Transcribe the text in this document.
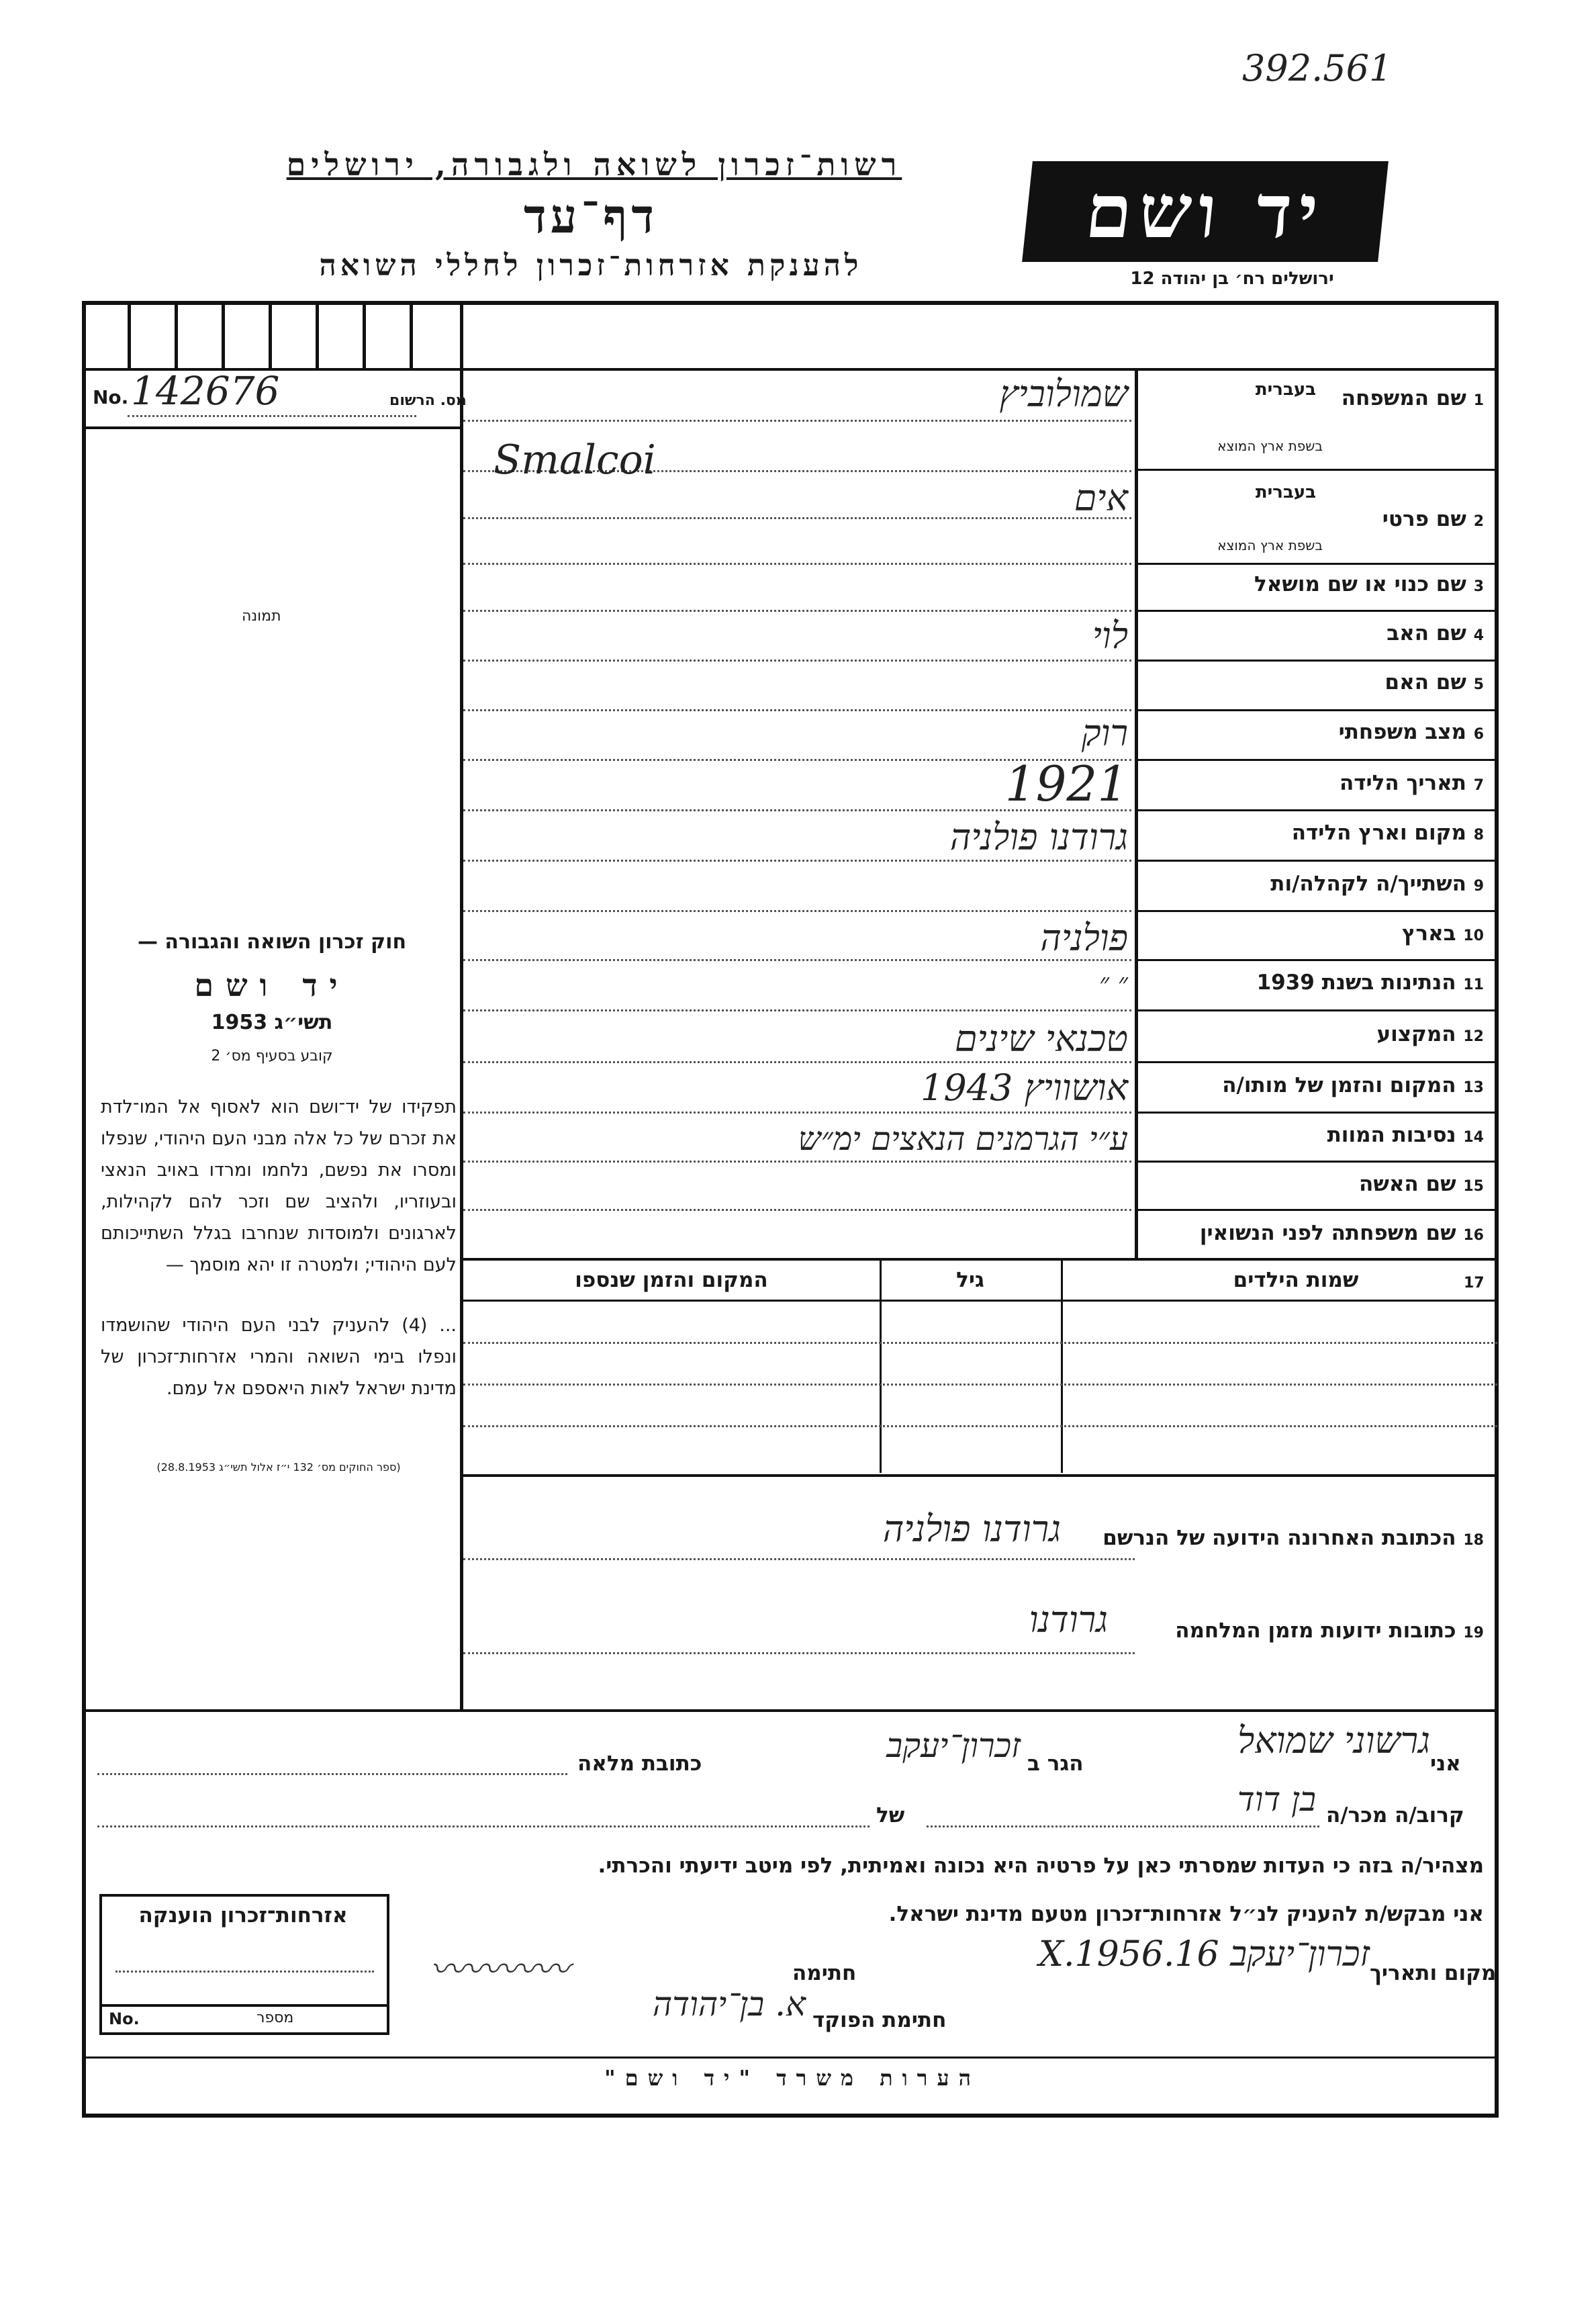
392.561
רשות־זכרון לשואה ולגבורה, ירושלים
דף־עד
להענקת אזרחות־זכרון לחללי השואה
יד ושם
ירושלים רח׳ בן יהודה 12
No. 142676	מס. הרשום
תמונה
חוק זכרון השואה והגבורה —
יד ושם
תשי״ג 1953
קובע בסעיף מס׳ 2
תפקידו של יד־ושם הוא לאסוף אל המו־לדת את זכרם של כל אלה מבני העם היהודי, שנפלו ומסרו את נפשם, נלחמו ומרדו באויב הנאצי ובעוזריו, ולהציב שם וזכר להם לקהילות, לארגונים ולמוסדות שנחרבו בגלל השתייכותם לעם היהודי; ולמטרה זו יהא מוסמך —
... (4) להעניק לבני העם היהודי שהושמדו ונפלו בימי השואה והמרי אזרחות־זכרון של מדינת ישראל לאות היאספם אל עמם.
(ספר החוקים מס׳ 132 י״ז אלול תשי״ג 28.8.1953)
1 שם המשפחה
בעברית
בשפת ארץ המוצא
2 שם פרטי
בעברית
בשפת ארץ המוצא
3 שם כנוי או שם מושאל
4 שם האב
5 שם האם
6 מצב משפחתי
7 תאריך הלידה
8 מקום וארץ הלידה
9 השתייך/ה לקהלה/ות
10 בארץ
11 הנתינות בשנת 1939
12 המקצוע
13 המקום והזמן של מותו/ה
14 נסיבות המוות
15 שם האשה
16 שם משפחתה לפני הנשואין
שמולוביץ
Smalcoi
אים
לוי
רוק
1921
גרודנו פולניה
פולניה
״ ״
טכנאי שינים
אושוויץ 1943
ע״י הגרמנים הנאצים ימ״ש
17
שמות הילדים
גיל
המקום והזמן שנספו
18 הכתובת האחרונה הידועה של הנרשם
גרודנו פולניה
19 כתובות ידועות מזמן המלחמה
גרודנו
אני
גרשוני שמואל
הגר ב
זכרון־יעקב
כתובת מלאה
קרוב/ה מכר/ה
בן דוד
של
מצהיר/ה בזה כי העדות שמסרתי כאן על פרטיה היא נכונה ואמיתית, לפי מיטב ידיעתי והכרתי.
אני מבקש/ת להעניק לנ״ל אזרחות־זכרון מטעם מדינת ישראל.
מקום ותאריך
זכרון־יעקב 16.X.1956
חתימה
〰〰〰〰
חתימת הפוקד
א. בן־יהודה
אזרחות־זכרון הוענקה
No.	מספר
הערות משרד "יד ושם"
